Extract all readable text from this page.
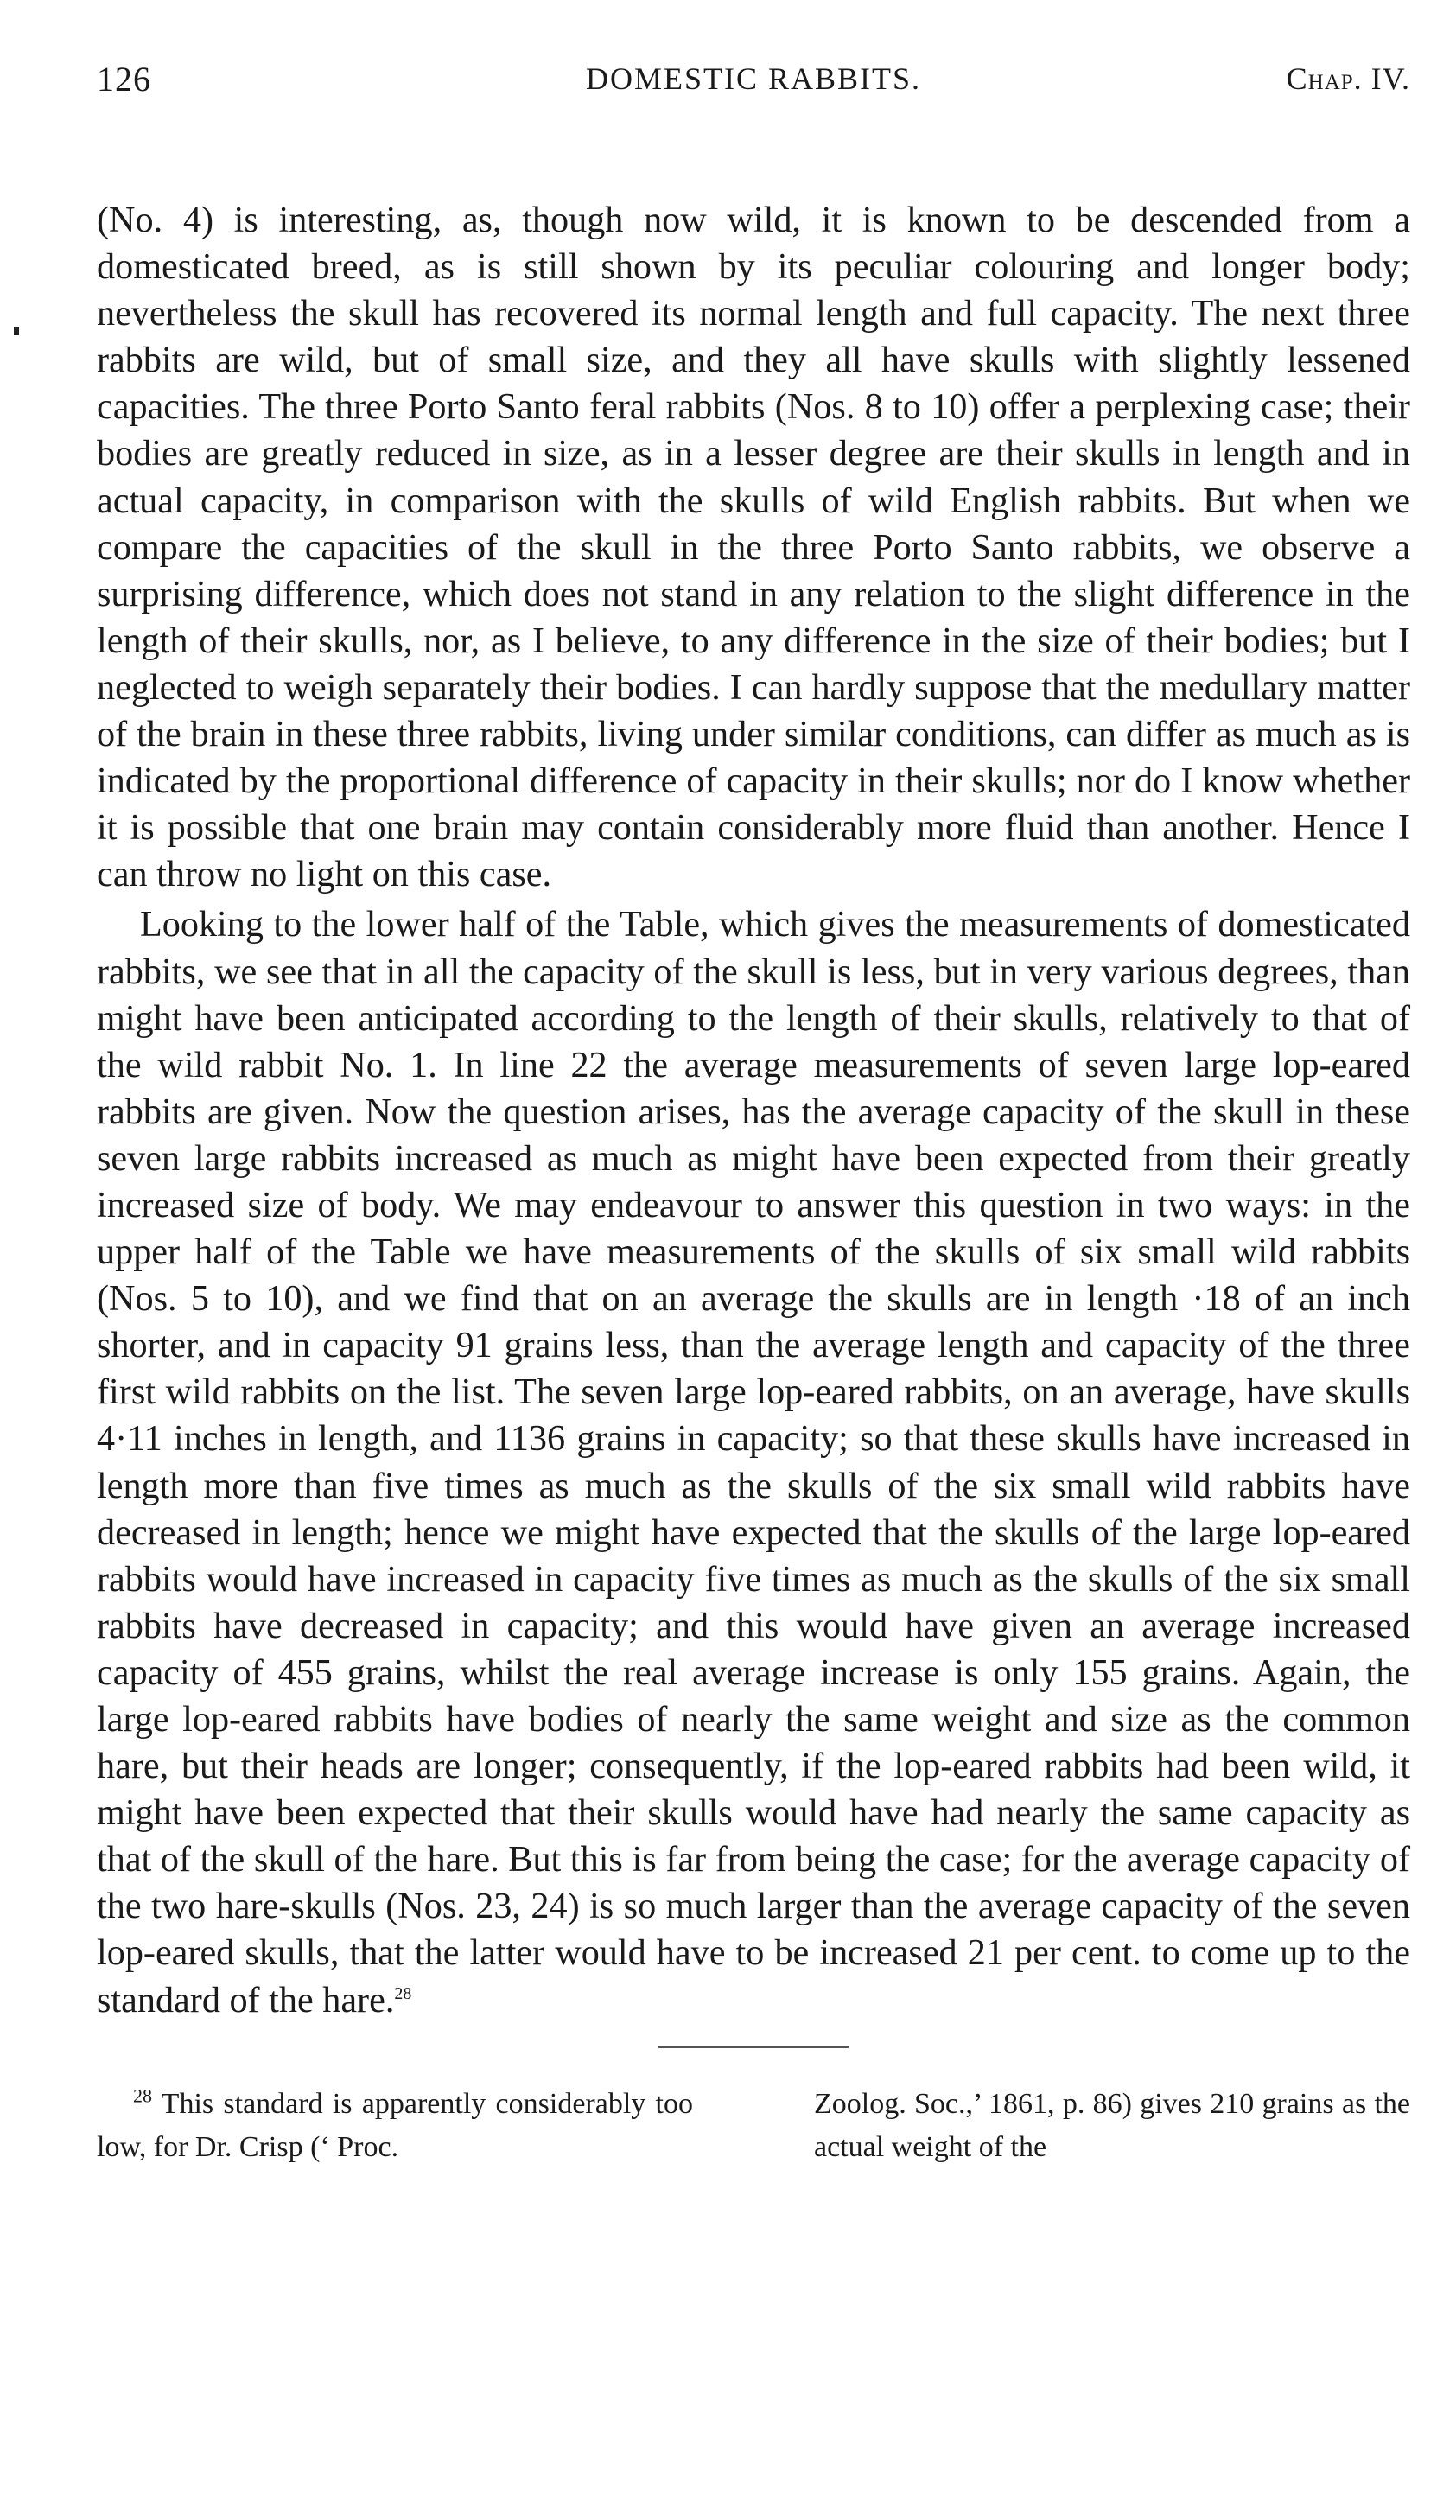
126	DOMESTIC RABBITS.	Chap. IV.

(No. 4) is interesting, as, though now wild, it is known to be descended from a domesticated breed, as is still shown by its peculiar colouring and longer body; nevertheless the skull has recovered its normal length and full capacity. The next three rabbits are wild, but of small size, and they all have skulls with slightly lessened capacities. The three Porto Santo feral rabbits (Nos. 8 to 10) offer a perplexing case; their bodies are greatly reduced in size, as in a lesser degree are their skulls in length and in actual capacity, in comparison with the skulls of wild English rabbits. But when we compare the capacities of the skull in the three Porto Santo rabbits, we observe a surprising difference, which does not stand in any relation to the slight difference in the length of their skulls, nor, as I believe, to any difference in the size of their bodies; but I neglected to weigh separately their bodies. I can hardly suppose that the medullary matter of the brain in these three rabbits, living under similar conditions, can differ as much as is indicated by the proportional difference of capacity in their skulls; nor do I know whether it is possible that one brain may contain considerably more fluid than another. Hence I can throw no light on this case.

Looking to the lower half of the Table, which gives the measurements of domesticated rabbits, we see that in all the capacity of the skull is less, but in very various degrees, than might have been anticipated according to the length of their skulls, relatively to that of the wild rabbit No. 1. In line 22 the average measurements of seven large lop-eared rabbits are given. Now the question arises, has the average capacity of the skull in these seven large rabbits increased as much as might have been expected from their greatly increased size of body. We may endeavour to answer this question in two ways: in the upper half of the Table we have measurements of the skulls of six small wild rabbits (Nos. 5 to 10), and we find that on an average the skulls are in length ·18 of an inch shorter, and in capacity 91 grains less, than the average length and capacity of the three first wild rabbits on the list. The seven large lop-eared rabbits, on an average, have skulls 4·11 inches in length, and 1136 grains in capacity; so that these skulls have increased in length more than five times as much as the skulls of the six small wild rabbits have decreased in length; hence we might have expected that the skulls of the large lop-eared rabbits would have increased in capacity five times as much as the skulls of the six small rabbits have decreased in capacity; and this would have given an average increased capacity of 455 grains, whilst the real average increase is only 155 grains. Again, the large lop-eared rabbits have bodies of nearly the same weight and size as the common hare, but their heads are longer; consequently, if the lop-eared rabbits had been wild, it might have been expected that their skulls would have had nearly the same capacity as that of the skull of the hare. But this is far from being the case; for the average capacity of the two hare-skulls (Nos. 23, 24) is so much larger than the average capacity of the seven lop-eared skulls, that the latter would have to be increased 21 per cent. to come up to the standard of the hare.$^{28}$

$^{28}$ This standard is apparently considerably too low, for Dr. Crisp (‘ Proc.
Zoolog. Soc.,’ 1861, p. 86) gives 210 grains as the actual weight of the
